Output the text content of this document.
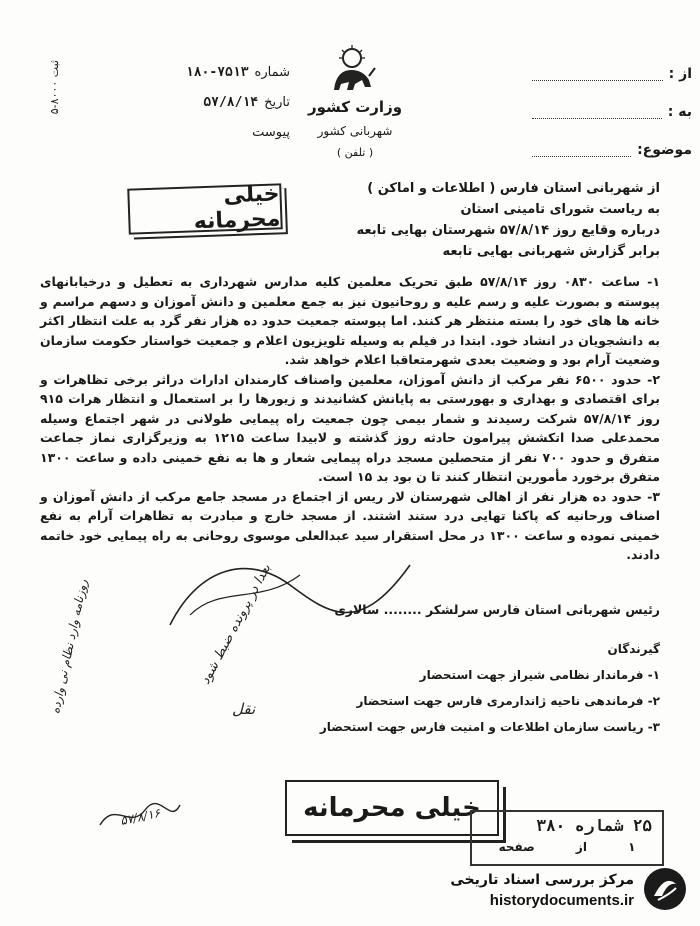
از :
به :
موضوع:
وزارت کشور
شهربانی کشور
( تلفن )
شماره
۱۸۰-۷۵۱۳
تاریخ
۵۷/۸/۱۴
پیوست
ثبت ۸۰۰۰-۵
خیلی محرمانه
از شهربانی استان فارس ( اطلاعات و اماکن )
به ریاست شورای تامینی استان
درباره وقایع روز ۵۷/۸/۱۴ شهرستان بهایی تابعه
برابر گزارش شهربانی بهایی تابعه

۱- ساعت ۰۸۳۰ روز ۵۷/۸/۱۴ طبق تحریک معلمین کلیه مدارس شهرداری به تعطیل و درخیابانهای پیوسته و بصورت علیه و رسم علیه و روحانیون نیز به جمع معلمین و دانش آموزان و دسهم مراسم و خانه ها های خود را بسته منتظر هر کنند. اما پیوسته جمعیت حدود ده هزار نفر گرد به علت انتظار اکثر به دانشجویان در انشاد خود. ابتدا در فیلم به وسیله تلویزیون اعلام و جمعیت خواستار حکومت سازمان وضعیت آرام بود و وضعیت بعدی شهرمتعاقبا اعلام خواهد شد.

۲- حدود ۶۵۰۰ نفر مرکب از دانش آموزان، معلمین واصناف کارمندان ادارات دراثر برخی تظاهرات و برای اقتصادی و بهداری و بهورستی به پایانش کشانیدند و زیورها را بر استعمال و انتظار هرات ۹۱۵ روز ۵۷/۸/۱۴ شرکت رسیدند و شمار بیمی چون جمعیت راه پیمایی طولانی در شهر اجتماع وسیله محمدعلی صدا اتکشش پیرامون حادثه روز گذشته و لابیدا ساعت ۱۲۱۵ به وزیرگزاری نماز جماعت متفرق و حدود ۷۰۰ نفر از متحصلین مسجد دراه پیمایی شعار و ها به نفع خمینی داده و ساعت ۱۳۰۰ متفرق برخورد مأمورین انتظار کنند تا ن بود بد ۱۵ است.

۳- حدود ده هزار نفر از اهالی شهرستان لار ریس از اجتماع در مسجد جامع مرکب از دانش آموزان و اصناف ورحانیه که پاکنا تهایی درد ستند اشتند. از مسجد خارج و مبادرت به تظاهرات آرام به نفع خمینی نموده و ساعت ۱۳۰۰ در محل استقرار سید عبدالعلی موسوی روحانی به راه پیمایی خود خاتمه دادند.

رئیس شهربانی استان فارس سرلشکر ........ سالاری
گیرندگان
۱- فرماندار نظامی شیراز جهت استحضار
۲- فرماندهی ناحیه ژاندارمری فارس جهت استحضار
۳- ریاست سازمان اطلاعات و امنیت فارس جهت استحضار
روزنامه وارد نظام نی وارده	بعدا در پرونده ضبط شود
۵۷/۸/۱۶
نقل
خیلی محرمانه
۲۵ شماره ۳۸۰
۱
از
صفحه
مرکز بررسی اسناد تاریخی
historydocuments.ir
